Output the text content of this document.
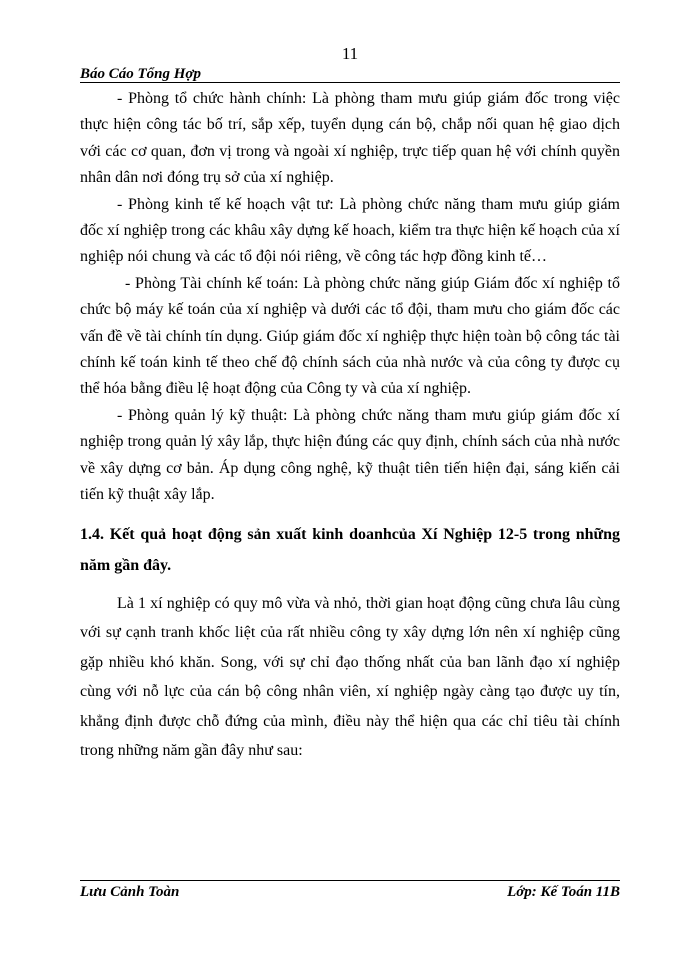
11
Báo Cáo Tổng Hợp

- Phòng tổ chức hành chính: Là phòng tham mưu giúp giám đốc trong việc thực hiện công tác bố trí, sắp xếp, tuyển dụng cán bộ, chắp nối quan hệ giao dịch với các cơ quan, đơn vị trong và ngoài xí nghiệp, trực tiếp quan hệ với chính quyền nhân dân nơi đóng trụ sở của xí nghiệp.

- Phòng kinh tế kế hoạch vật tư: Là phòng chức năng tham mưu giúp giám đốc xí nghiệp trong các khâu xây dựng kế hoach, kiểm tra thực hiện kế hoạch của xí nghiệp nói chung và các tổ đội nói riêng, về công tác hợp đồng kinh tế…

- Phòng Tài chính kế toán: Là phòng chức năng giúp Giám đốc xí nghiệp tổ chức bộ máy kế toán của xí nghiệp và dưới các tổ đội, tham mưu cho giám đốc các vấn đề về tài chính tín dụng. Giúp giám đốc xí nghiệp thực hiện toàn bộ công tác tài chính kế toán kinh tế theo chế độ chính sách của nhà nước và của công ty được cụ thể hóa bằng điều lệ hoạt động của Công ty và của xí nghiệp.

- Phòng quản lý kỹ thuật: Là phòng chức năng tham mưu giúp giám đốc xí nghiệp trong quản lý xây lắp, thực hiện đúng các quy định, chính sách của nhà nước về xây dựng cơ bản. Áp dụng công nghệ, kỹ thuật tiên tiến hiện đại, sáng kiến cải tiến kỹ thuật xây lắp.

1.4. Kết quả hoạt động sản xuất kinh doanhcủa Xí Nghiệp 12-5 trong những năm gần đây.

Là 1 xí nghiệp có quy mô vừa và nhỏ, thời gian hoạt động cũng chưa lâu cùng với sự cạnh tranh khốc liệt của rất nhiều công ty xây dựng lớn nên xí nghiệp cũng gặp nhiều khó khăn. Song, với sự chỉ đạo thống nhất của ban lãnh đạo xí nghiệp cùng với nỗ lực của cán bộ công nhân viên, xí nghiệp ngày càng tạo được uy tín, khẳng định được chỗ đứng của mình, điều này thể hiện qua các chỉ tiêu tài chính trong những năm gần đây như sau:

Lưu Cảnh Toàn	Lớp: Kế Toán 11B
